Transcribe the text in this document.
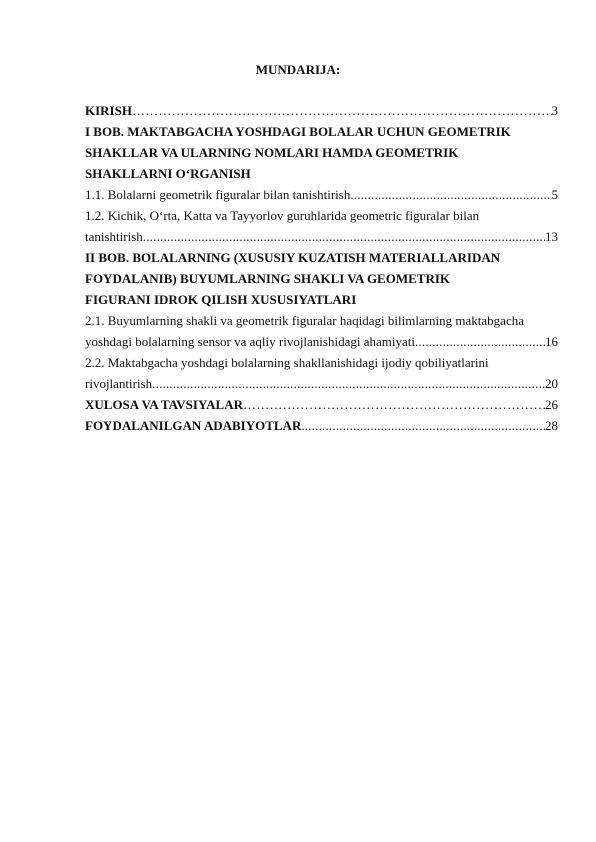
MUNDARIJA:
KIRISH ……………………………………………………………………………………………………………………………………………………………………	3
I BOB. MAKTABGACHA YOSHDAGI BOLALAR UCHUN GEOMETRIK
SHAKLLAR VA ULARNING NOMLARI HAMDA GEOMETRIK
SHAKLLARNI O‘RGANISH
1.1. Bolalarni geometrik figuralar bilan tanishtirish .....	5
1.2. Kichik, O‘rta, Katta va Tayyorlov guruhlarida geometric figuralar bilan
tanishtirish .....	13
II BOB. BOLALARNING (XUSUSIY KUZATISH MATERIALLARIDAN
FOYDALANIB) BUYUMLARNING SHAKLI VA GEOMETRIK
FIGURANI IDROK QILISH XUSUSIYATLARI
2.1. Buyumlarning shakli va geometrik figuralar haqidagi bilimlarning maktabgacha
yoshdagi bolalarning sensor va aqliy rivojlanishidagi ahamiyati .....	16
2.2. Maktabgacha yoshdagi bolalarning shakllanishidagi ijodiy qobiliyatlarini
rivojlantirish .....	20
XULOSA VA TAVSIYALAR ……………………………………………………………………………………………………………………………………………………………………	26
FOYDALANILGAN ADABIYOTLAR .....	28
